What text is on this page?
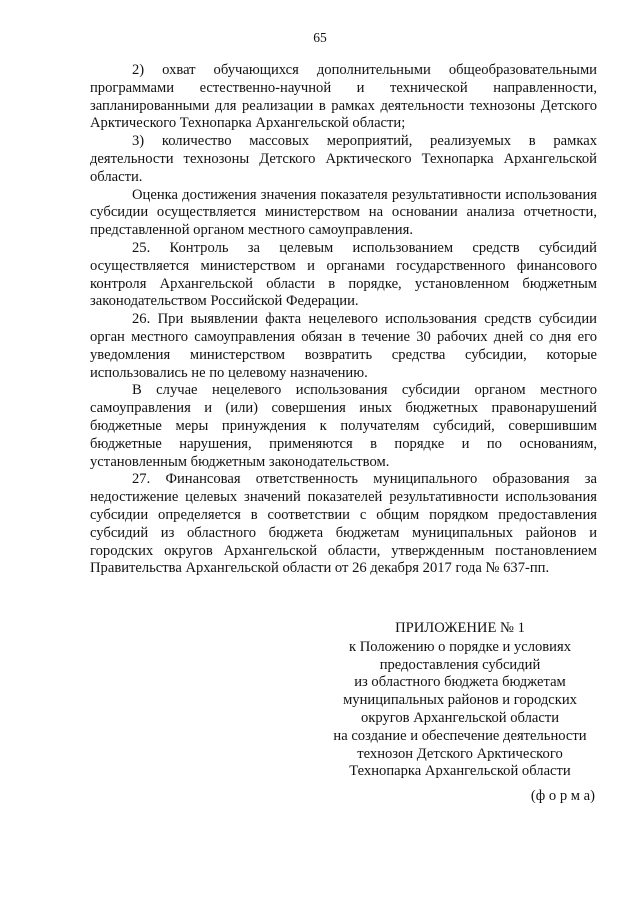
65

2) охват обучающихся дополнительными общеобразовательными программами естественно-научной и технической направленности, запланированными для реализации в рамках деятельности технозоны Детского Арктического Технопарка Архангельской области;

3) количество массовых мероприятий, реализуемых в рамках деятельности технозоны Детского Арктического Технопарка Архангельской области.

Оценка достижения значения показателя результативности использования субсидии осуществляется министерством на основании анализа отчетности, представленной органом местного самоуправления.

25. Контроль за целевым использованием средств субсидий осуществляется министерством и органами государственного финансового контроля Архангельской области в порядке, установленном бюджетным законодательством Российской Федерации.

26. При выявлении факта нецелевого использования средств субсидии орган местного самоуправления обязан в течение 30 рабочих дней со дня его уведомления министерством возвратить средства субсидии, которые использовались не по целевому назначению.

В случае нецелевого использования субсидии органом местного самоуправления и (или) совершения иных бюджетных правонарушений бюджетные меры принуждения к получателям субсидий, совершившим бюджетные нарушения, применяются в порядке и по основаниям, установленным бюджетным законодательством.

27. Финансовая ответственность муниципального образования за недостижение целевых значений показателей результативности использования субсидии определяется в соответствии с общим порядком предоставления субсидий из областного бюджета бюджетам муниципальных районов и городских округов Архангельской области, утвержденным постановлением Правительства Архангельской области от 26 декабря 2017 года № 637-пп.

ПРИЛОЖЕНИЕ № 1
к Положению о порядке и условиях
предоставления субсидий
из областного бюджета бюджетам
муниципальных районов и городских
округов Архангельской области
на создание и обеспечение деятельности
технозон Детского Арктического
Технопарка Архангельской области
(ф о р м а)
